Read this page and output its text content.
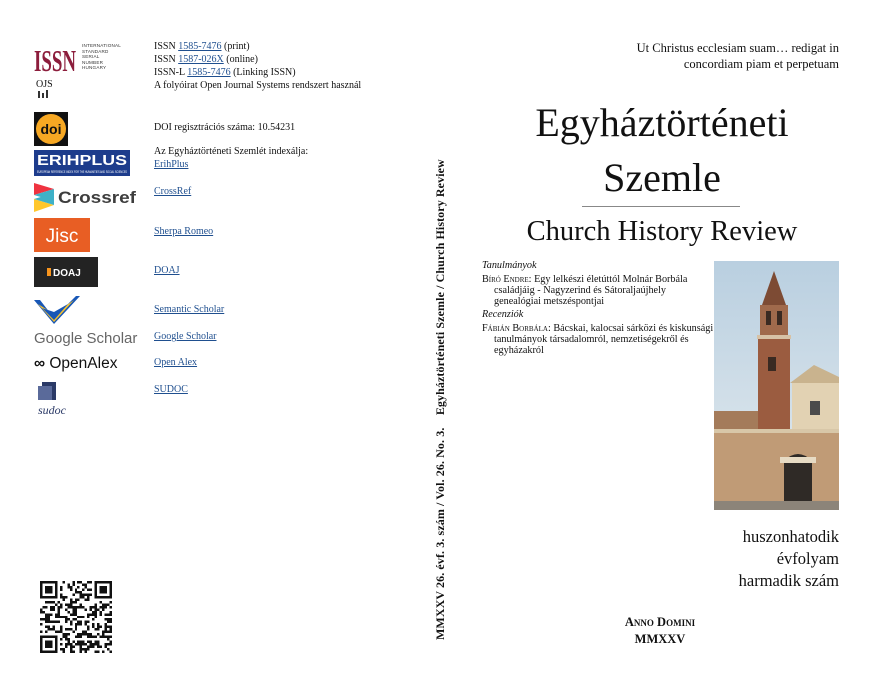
ISSN INTERNATIONAL
STANDARD
SERIAL
NUMBER
HUNGARY
OJS
ISSN 1585-7476 (print)
ISSN 1587-026X (online)
ISSN-L 1585-7476 (Linking ISSN)
A folyóirat Open Journal Systems rendszert használ
doi	DOI regisztrációs száma: 10.54231
ERIHPLUS
EUROPEAN REFERENCE INDEX FOR THE HUMANITIES AND SOCIAL SCIENCES
Az Egyháztörténeti Szemlét indexálja:
ErihPlus
Crossref CrossRef
Jisc	Sherpa Romeo
DOAJ	DOAJ
Semantic Scholar
Google Scholar Google Scholar
∞ OpenAlex	Open Alex
sudoc
SUDOC	MMXXV 26. évf. 3. szám / Vol. 26. No. 3.    Egyháztörténeti Szemle / Church History Review
Ut Christus ecclesiam suam… redigat in
concordiam piam et perpetuam
Egyháztörténeti
Szemle
Church History Review
Tanulmányok
Bíró Endre: Egy lelkészi életúttól Molnár Borbála családjáig - Nagyzerind és Sátoraljaújhely genealógiai metszéspontjai
Recenziók
Fábián Borbála: Bácskai, kalocsai sárközi és kiskunsági tanulmányok társadalomról, nemzetiségekről és egyházakról
huszonhatodik
évfolyam
harmadik szám
Anno Domini
MMXXV
